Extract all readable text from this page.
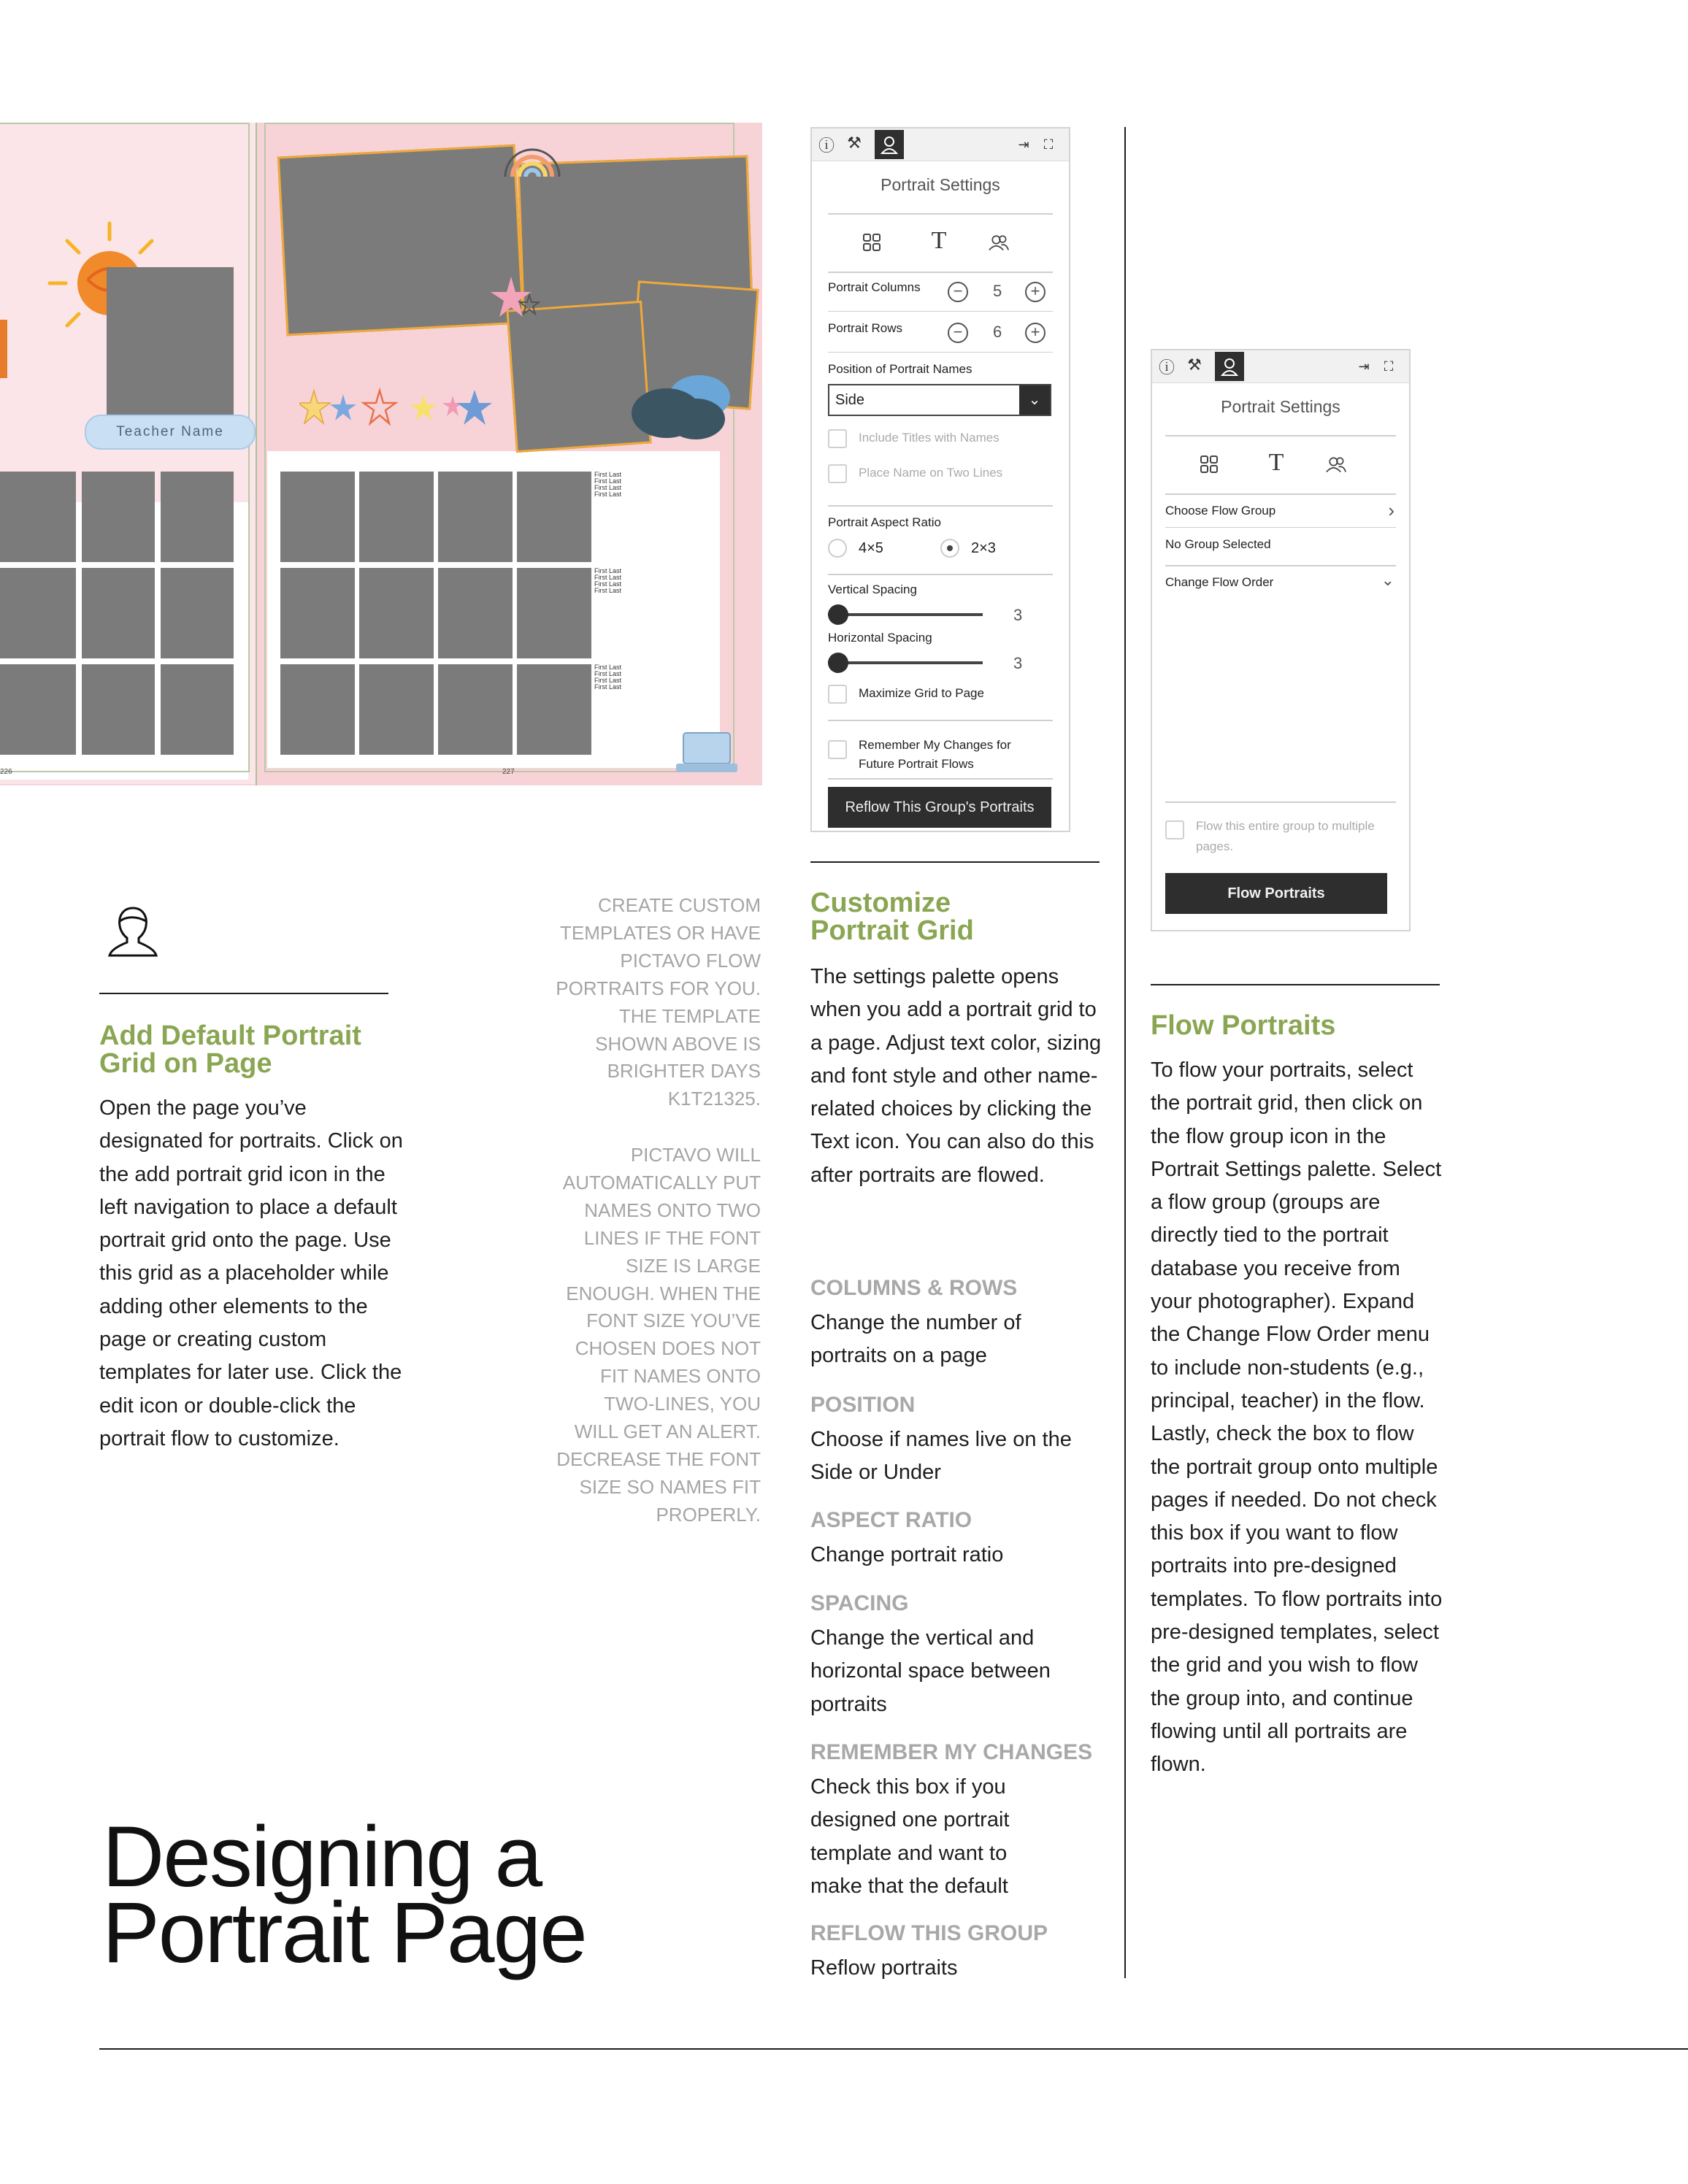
Teacher Name
226
First Last
First Last
First Last
First Last
First Last
First Last
First Last
First Last
First Last
First Last
First Last
First Last
227
ⓘ ⚒	⇥	⛶
Portrait Settings
T
Portrait Columns	−	5	+
Portrait Rows	−	6	+
Position of Portrait Names
Side	⌄
Include Titles with Names
Place Name on Two Lines
Portrait Aspect Ratio
4×5	2×3
Vertical Spacing
3
Horizontal Spacing
3
Maximize Grid to Page
Remember My Changes for Future Portrait Flows
Reflow This Group's Portraits
ⓘ ⚒	⇥	⛶
Portrait Settings
T
Choose Flow Group	›
No Group Selected
Change Flow Order	⌄
Flow this entire group to multiple pages.
Flow Portraits
Add Default Portrait Grid on Page
Open the page you’ve designated for portraits. Click on the add portrait grid icon in the left navigation to place a default portrait grid onto the page. Use this grid as a placeholder while adding other elements to the page or creating custom templates for later use. Click the edit icon or double-click the portrait flow to customize.
CREATE CUSTOM TEMPLATES OR HAVE PICTAVO FLOW PORTRAITS FOR YOU. THE TEMPLATE SHOWN ABOVE IS BRIGHTER DAYS K1T21325.
PICTAVO WILL AUTOMATICALLY PUT NAMES ONTO TWO LINES IF THE FONT SIZE IS LARGE ENOUGH. WHEN THE FONT SIZE YOU’VE CHOSEN DOES NOT FIT NAMES ONTO TWO-LINES, YOU WILL GET AN ALERT. DECREASE THE FONT SIZE SO NAMES FIT PROPERLY.
Customize Portrait Grid
The settings palette opens when you add a portrait grid to a page. Adjust text color, sizing and font style and other name-related choices by clicking the Text icon. You can also do this after portraits are flowed.
COLUMNS & ROWS
Change the number of portraits on a page
POSITION
Choose if names live on the Side or Under
ASPECT RATIO
Change portrait ratio
SPACING
Change the vertical and horizontal space between portraits
REMEMBER MY CHANGES
Check this box if you designed one portrait template and want to make that the default
REFLOW THIS GROUP
Reflow portraits
Flow Portraits
To flow your portraits, select the portrait grid, then click on the flow group icon in the Portrait Settings palette. Select a flow group (groups are directly tied to the portrait database you receive from your photographer). Expand the Change Flow Order menu to include non-students (e.g., principal, teacher) in the flow. Lastly, check the box to flow the portrait group onto multiple pages if needed. Do not check this box if you want to flow portraits into pre-designed templates. To flow portraits into pre-designed templates, select the grid and you wish to flow the group into, and continue flowing until all portraits are flown.
Designing a
Portrait Page
